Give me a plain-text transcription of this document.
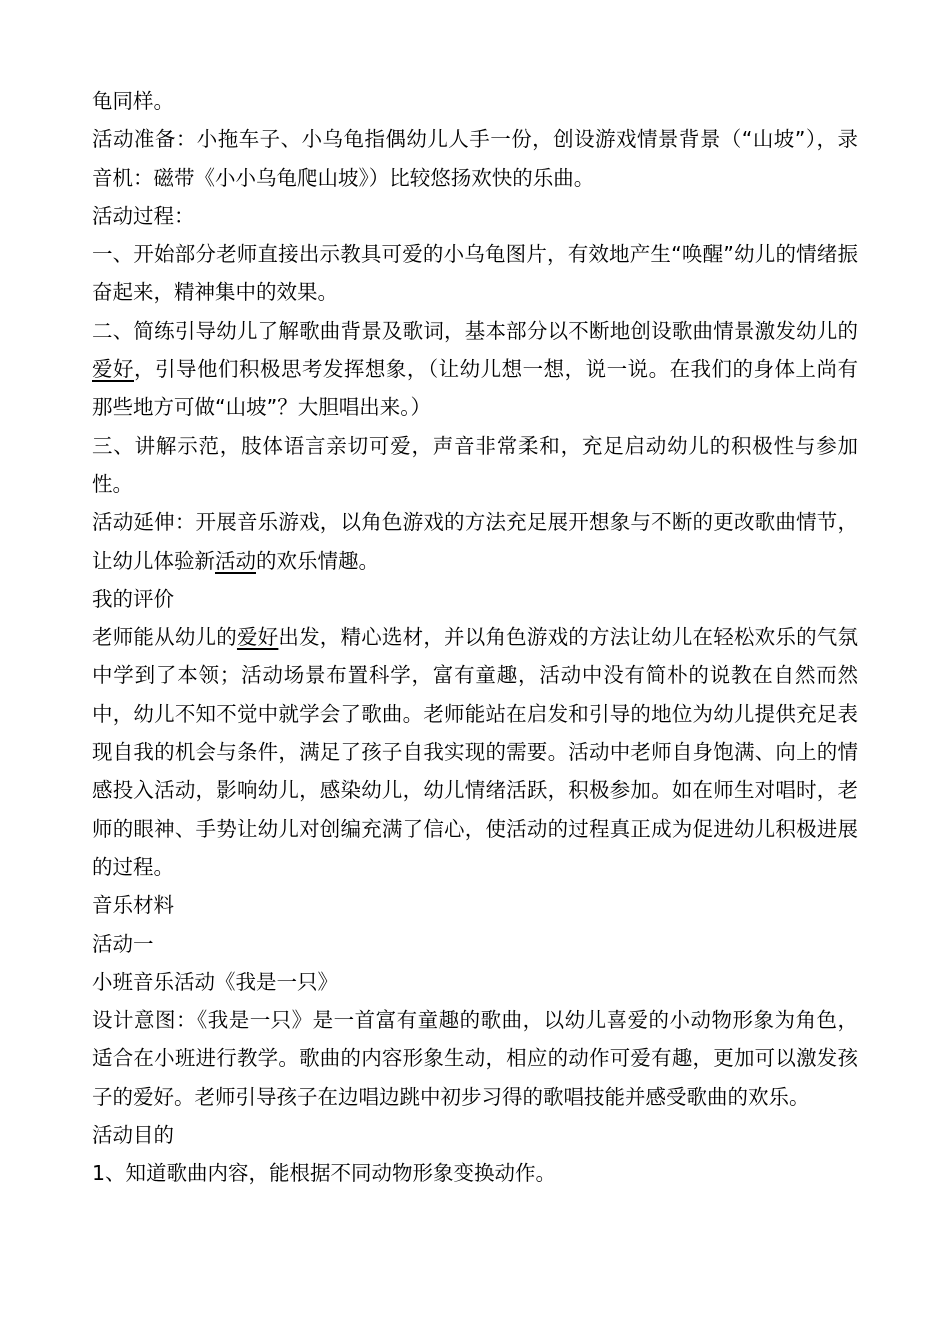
龟同样。

活动准备：小拖车子、小乌龟指偶幼儿人手一份，创设游戏情景背景（“山坡”），录音机：磁带《小小乌龟爬山坡》）比较悠扬欢快的乐曲。

活动过程：

一、开始部分老师直接出示教具可爱的小乌龟图片，有效地产生“唤醒”幼儿的情绪振奋起来，精神集中的效果。

二、简练引导幼儿了解歌曲背景及歌词，基本部分以不断地创设歌曲情景激发幼儿的爱好，引导他们积极思考发挥想象，（让幼儿想一想，说一说。在我们的身体上尚有那些地方可做“山坡”？大胆唱出来。）

三、讲解示范，肢体语言亲切可爱，声音非常柔和，充足启动幼儿的积极性与参加性。

活动延伸：开展音乐游戏，以角色游戏的方法充足展开想象与不断的更改歌曲情节，让幼儿体验新活动的欢乐情趣。

我的评价

老师能从幼儿的爱好出发，精心选材，并以角色游戏的方法让幼儿在轻松欢乐的气氛中学到了本领；活动场景布置科学，富有童趣，活动中没有简朴的说教在自然而然中，幼儿不知不觉中就学会了歌曲。老师能站在启发和引导的地位为幼儿提供充足表现自我的机会与条件，满足了孩子自我实现的需要。活动中老师自身饱满、向上的情感投入活动，影响幼儿，感染幼儿，幼儿情绪活跃，积极参加。如在师生对唱时，老师的眼神、手势让幼儿对创编充满了信心，使活动的过程真正成为促进幼儿积极进展的过程。

音乐材料

活动一

小班音乐活动《我是一只》

设计意图：《我是一只》是一首富有童趣的歌曲，以幼儿喜爱的小动物形象为角色，适合在小班进行教学。歌曲的内容形象生动，相应的动作可爱有趣，更加可以激发孩子的爱好。老师引导孩子在边唱边跳中初步习得的歌唱技能并感受歌曲的欢乐。

活动目的

1、知道歌曲内容，能根据不同动物形象变换动作。
